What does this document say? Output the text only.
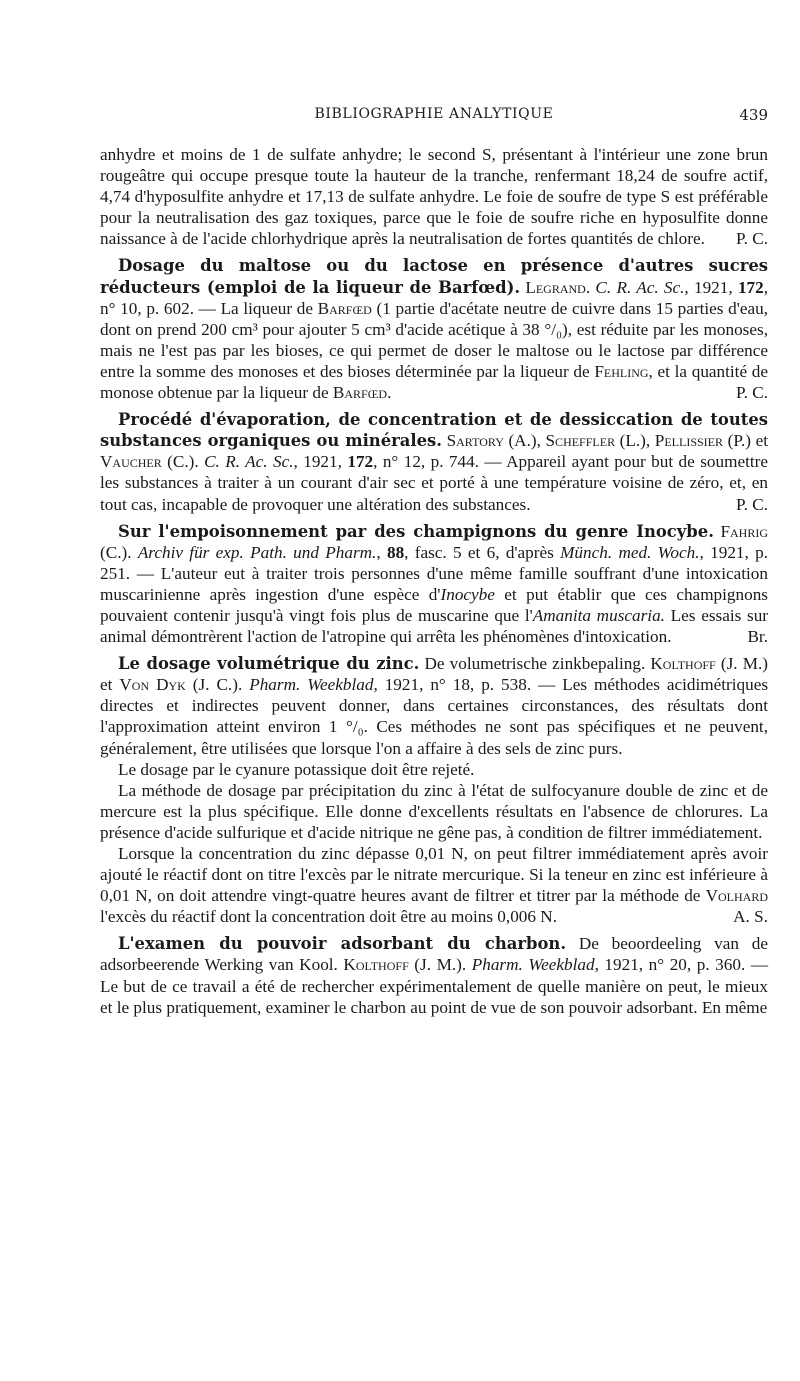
BIBLIOGRAPHIE ANALYTIQUE	439

anhydre et moins de 1 de sulfate anhydre; le second S, présentant à l'intérieur une zone brun rougeâtre qui occupe presque toute la hauteur de la tranche, renfermant 18,24 de soufre actif, 4,74 d'hyposulfite anhydre et 17,13 de sulfate anhydre. Le foie de soufre de type S est préférable pour la neutralisation des gaz toxiques, parce que le foie de soufre riche en hyposulfite donne naissance à de l'acide chlorhydrique après la neutralisation de fortes quantités de chlore. P. C.

Dosage du maltose ou du lactose en présence d'autres sucres réducteurs (emploi de la liqueur de Barfœd). Legrand. C. R. Ac. Sc., 1921, 172, n° 10, p. 602. — La liqueur de Barfœd (1 partie d'acétate neutre de cuivre dans 15 parties d'eau, dont on prend 200 cm³ pour ajouter 5 cm³ d'acide acétique à 38 °/₀), est réduite par les monoses, mais ne l'est pas par les bioses, ce qui permet de doser le maltose ou le lactose par différence entre la somme des monoses et des bioses déterminée par la liqueur de Fehling, et la quantité de monose obtenue par la liqueur de Barfœd.	P. C.

Procédé d'évaporation, de concentration et de dessiccation de toutes substances organiques ou minérales. Sartory (A.), Scheffler (L.), Pellissier (P.) et Vaucher (C.). C. R. Ac. Sc., 1921, 172, n° 12, p. 744. — Appareil ayant pour but de soumettre les substances à traiter à un courant d'air sec et porté à une température voisine de zéro, et, en tout cas, incapable de provoquer une altération des substances.	P. C.

Sur l'empoisonnement par des champignons du genre Inocybe. Fahrig (C.). Archiv für exp. Path. und Pharm., 88, fasc. 5 et 6, d'après Münch. med. Woch., 1921, p. 251. — L'auteur eut à traiter trois personnes d'une même famille souffrant d'une intoxication muscarinienne après ingestion d'une espèce d'Inocybe et put établir que ces champignons pouvaient contenir jusqu'à vingt fois plus de muscarine que l'Amanita muscaria. Les essais sur animal démontrèrent l'action de l'atropine qui arrêta les phénomènes d'intoxication.	Br.

Le dosage volumétrique du zinc. De volumetrische zinkbepaling. Kolthoff (J. M.) et Von Dyk (J. C.). Pharm. Weekblad, 1921, n° 18, p. 538. — Les méthodes acidimétriques directes et indirectes peuvent donner, dans certaines circonstances, des résultats dont l'approximation atteint environ 1 °/₀. Ces méthodes ne sont pas spécifiques et ne peuvent, généralement, être utilisées que lorsque l'on a affaire à des sels de zinc purs.

Le dosage par le cyanure potassique doit être rejeté.

La méthode de dosage par précipitation du zinc à l'état de sulfocyanure double de zinc et de mercure est la plus spécifique. Elle donne d'excellents résultats en l'absence de chlorures. La présence d'acide sulfurique et d'acide nitrique ne gêne pas, à condition de filtrer immédiatement.

Lorsque la concentration du zinc dépasse 0,01 N, on peut filtrer immédiatement après avoir ajouté le réactif dont on titre l'excès par le nitrate mercurique. Si la teneur en zinc est inférieure à 0,01 N, on doit attendre vingt-quatre heures avant de filtrer et titrer par la méthode de Volhard l'excès du réactif dont la concentration doit être au moins 0,006 N.	A. S.

L'examen du pouvoir adsorbant du charbon. De beoordeeling van de adsorbeerende Werking van Kool. Kolthoff (J. M.). Pharm. Weekblad, 1921, n° 20, p. 360. — Le but de ce travail a été de rechercher expérimentalement de quelle manière on peut, le mieux et le plus pratiquement, examiner le charbon au point de vue de son pouvoir adsorbant. En même
